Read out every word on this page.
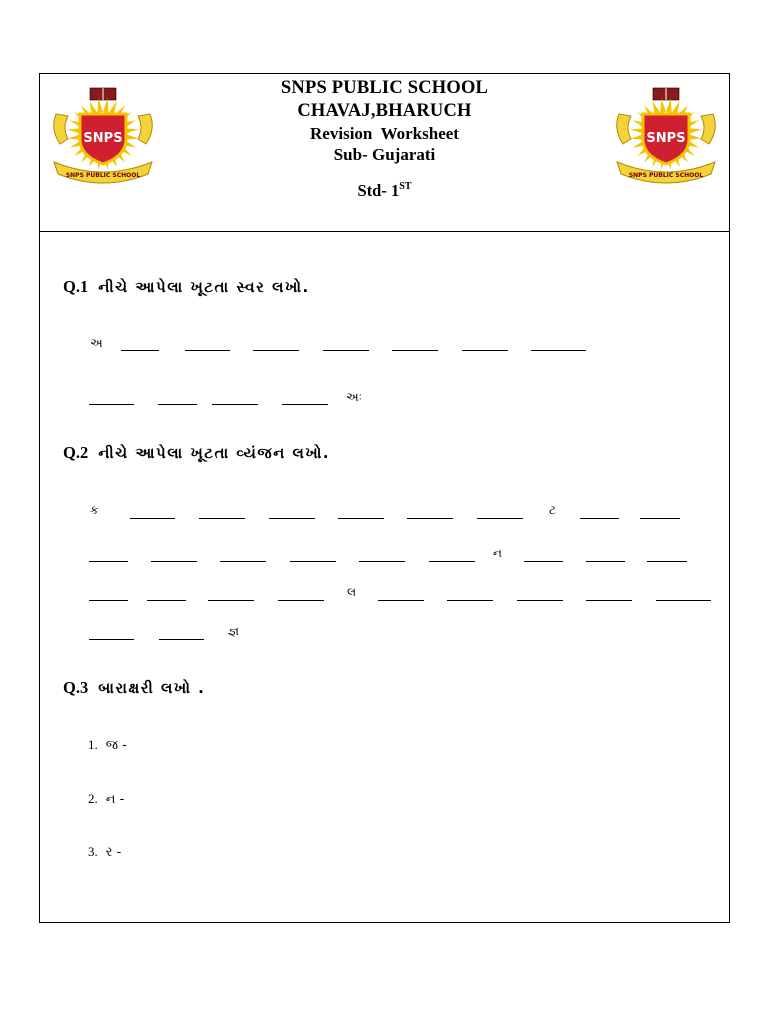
SNPS
SNPS PUBLIC SCHOOL
SNPS
SNPS PUBLIC SCHOOL
SNPS PUBLIC SCHOOL
CHAVAJ,BHARUCH
Revision  Worksheet
Sub- Gujarati
Std- 1ST
Q.1 નીચે આપેલા ખૂટતા સ્વર લખો.
અ
અઃ
Q.2 નીચે આપેલા ખૂટતા વ્યંજન લખો.
ક	ટ
ન
લ
જ્ઞ
Q.3 બારાક્ષરી લખો .
1. જ -
2. ન -
3. ર -
